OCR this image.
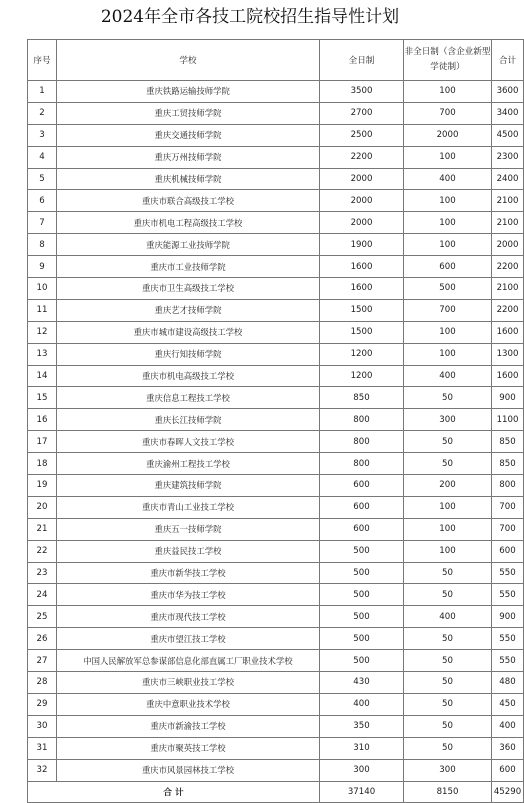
2024年全市各技工院校招生指导性计划
序号	学校	全日制	非全日制（含企业新型学徒制）	合计
1	重庆铁路运输技师学院	3500	100	3600
2	重庆工贸技师学院	2700	700	3400
3	重庆交通技师学院	2500	2000	4500
4	重庆万州技师学院	2200	100	2300
5	重庆机械技师学院	2000	400	2400
6	重庆市联合高级技工学校	2000	100	2100
7	重庆市机电工程高级技工学校	2000	100	2100
8	重庆能源工业技师学院	1900	100	2000
9	重庆市工业技师学院	1600	600	2200
10	重庆市卫生高级技工学校	1600	500	2100
11	重庆艺才技师学院	1500	700	2200
12	重庆市城市建设高级技工学校	1500	100	1600
13	重庆行知技师学院	1200	100	1300
14	重庆市机电高级技工学校	1200	400	1600
15	重庆信息工程技工学校	850	50	900
16	重庆长江技师学院	800	300	1100
17	重庆市春晖人文技工学校	800	50	850
18	重庆渝州工程技工学校	800	50	850
19	重庆建筑技师学院	600	200	800
20	重庆市青山工业技工学校	600	100	700
21	重庆五一技师学院	600	100	700
22	重庆益民技工学校	500	100	600
23	重庆市新华技工学校	500	50	550
24	重庆市华为技工学校	500	50	550
25	重庆市现代技工学校	500	400	900
26	重庆市望江技工学校	500	50	550
27	中国人民解放军总参谋部信息化部直属工厂职业技术学校	500	50	550
28	重庆市三峡职业技工学校	430	50	480
29	重庆中意职业技术学校	400	50	450
30	重庆市新渝技工学校	350	50	400
31	重庆市聚英技工学校	310	50	360
32	重庆市风景园林技工学校	300	300	600
合 计		37140	8150	45290
